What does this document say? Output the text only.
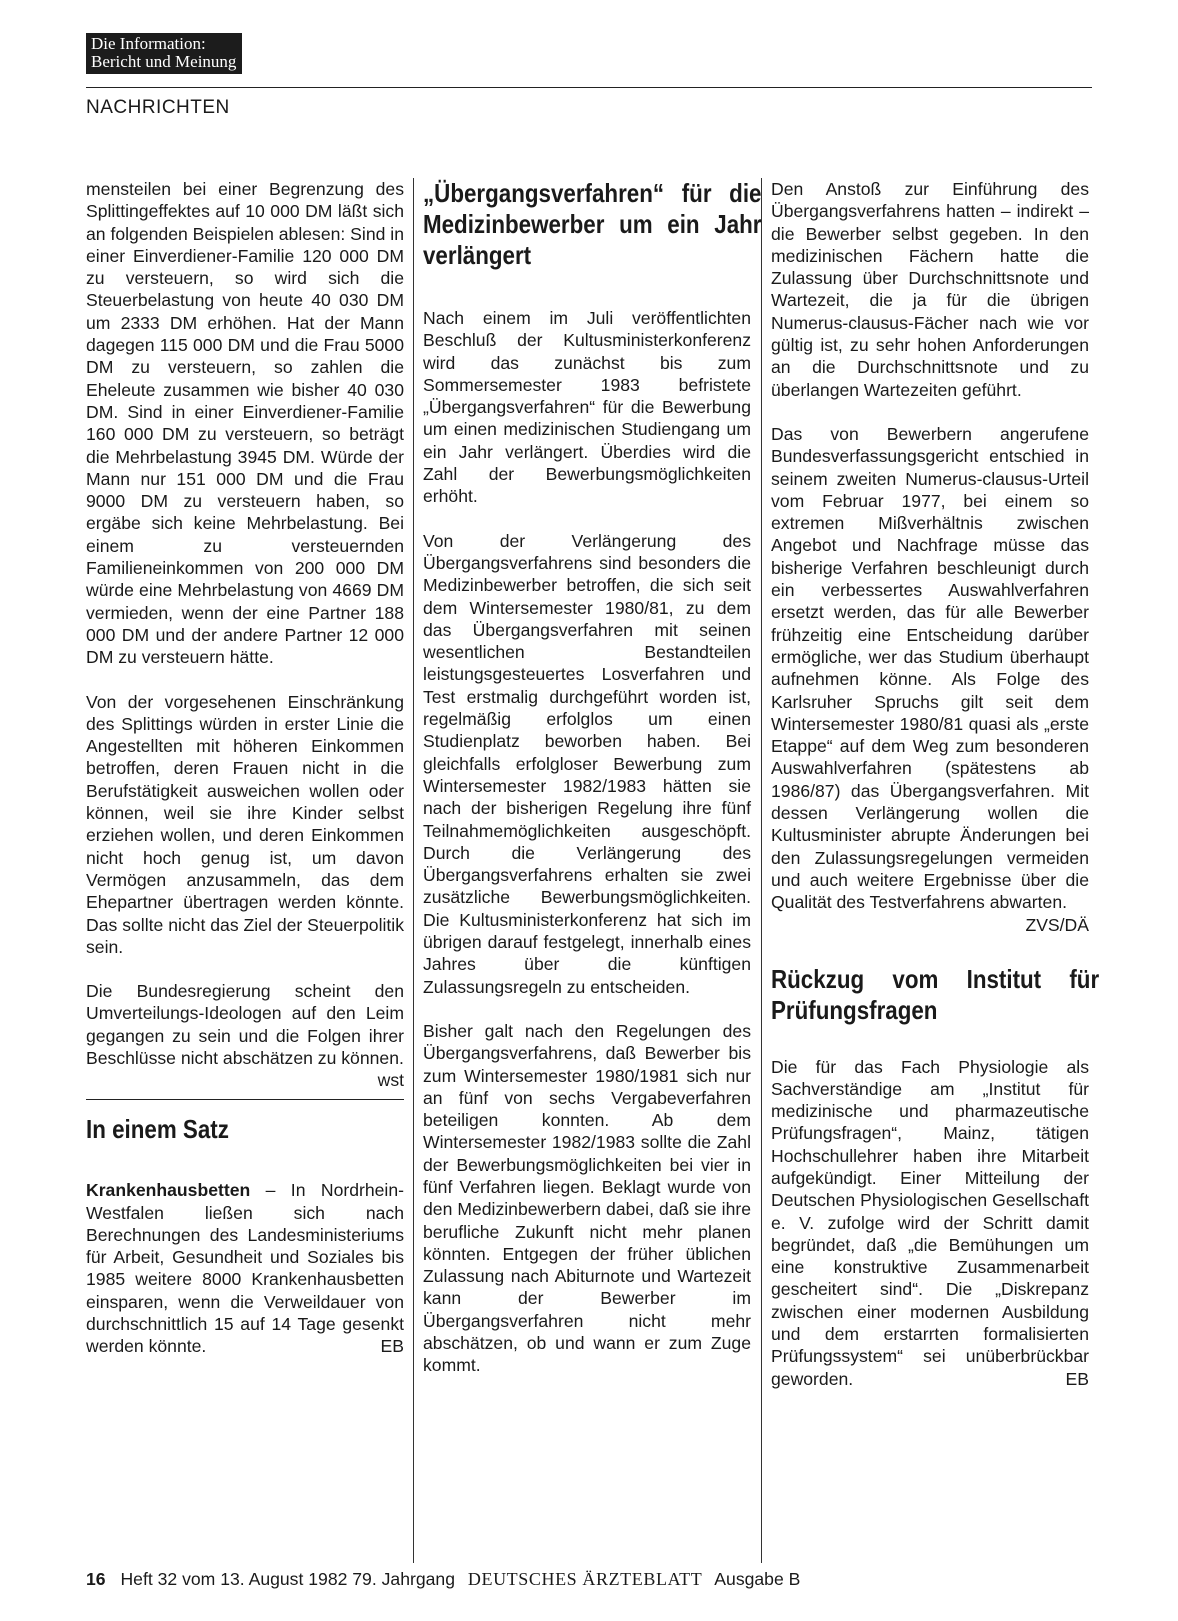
Die Information:
Bericht und Meinung
NACHRICHTEN

mensteilen bei einer Begrenzung des Splittingeffektes auf 10 000 DM läßt sich an folgenden Beispielen ablesen: Sind in einer Einverdiener-Familie 120 000 DM zu versteuern, so wird sich die Steuerbelastung von heute 40 030 DM um 2333 DM erhöhen. Hat der Mann dagegen 115 000 DM und die Frau 5000 DM zu versteuern, so zahlen die Eheleute zusammen wie bisher 40 030 DM. Sind in einer Einverdiener-Familie 160 000 DM zu versteuern, so beträgt die Mehrbelastung 3945 DM. Würde der Mann nur 151 000 DM und die Frau 9000 DM zu versteuern haben, so ergäbe sich keine Mehrbelastung. Bei einem zu versteuernden Familieneinkommen von 200 000 DM würde eine Mehrbelastung von 4669 DM vermieden, wenn der eine Partner 188 000 DM und der andere Partner 12 000 DM zu versteuern hätte.

Von der vorgesehenen Einschränkung des Splittings würden in erster Linie die Angestellten mit höheren Einkommen betroffen, deren Frauen nicht in die Berufstätigkeit ausweichen wollen oder können, weil sie ihre Kinder selbst erziehen wollen, und deren Einkommen nicht hoch genug ist, um davon Vermögen anzusammeln, das dem Ehepartner übertragen werden könnte. Das sollte nicht das Ziel der Steuerpolitik sein.

Die Bundesregierung scheint den Umverteilungs-Ideologen auf den Leim gegangen zu sein und die Folgen ihrer Beschlüsse nicht abschätzen zu können.
wst

In einem Satz

Krankenhausbetten – In Nordrhein-Westfalen ließen sich nach Berechnungen des Landesministeriums für Arbeit, Gesundheit und Soziales bis 1985 weitere 8000 Krankenhausbetten einsparen, wenn die Verweildauer von durchschnittlich 15 auf 14 Tage gesenkt werden könnte.	EB

„Übergangsverfahren“ für die Medizinbewerber um ein Jahr verlängert

Nach einem im Juli veröffentlichten Beschluß der Kultusministerkonferenz wird das zunächst bis zum Sommersemester 1983 befristete „Übergangsverfahren“ für die Bewerbung um einen medizinischen Studiengang um ein Jahr verlängert. Überdies wird die Zahl der Bewerbungsmöglichkeiten erhöht.

Von der Verlängerung des Übergangsverfahrens sind besonders die Medizinbewerber betroffen, die sich seit dem Wintersemester 1980/81, zu dem das Übergangsverfahren mit seinen wesentlichen Bestandteilen leistungsgesteuertes Losverfahren und Test erstmalig durchgeführt worden ist, regelmäßig erfolglos um einen Studienplatz beworben haben. Bei gleichfalls erfolgloser Bewerbung zum Wintersemester 1982/1983 hätten sie nach der bisherigen Regelung ihre fünf Teilnahmemöglichkeiten ausgeschöpft. Durch die Verlängerung des Übergangsverfahrens erhalten sie zwei zusätzliche Bewerbungsmöglichkeiten. Die Kultusministerkonferenz hat sich im übrigen darauf festgelegt, innerhalb eines Jahres über die künftigen Zulassungsregeln zu entscheiden.

Bisher galt nach den Regelungen des Übergangsverfahrens, daß Bewerber bis zum Wintersemester 1980/1981 sich nur an fünf von sechs Vergabeverfahren beteiligen konnten. Ab dem Wintersemester 1982/1983 sollte die Zahl der Bewerbungsmöglichkeiten bei vier in fünf Verfahren liegen. Beklagt wurde von den Medizinbewerbern dabei, daß sie ihre berufliche Zukunft nicht mehr planen könnten. Entgegen der früher üblichen Zulassung nach Abiturnote und Wartezeit kann der Bewerber im Übergangsverfahren nicht mehr abschätzen, ob und wann er zum Zuge kommt.

Den Anstoß zur Einführung des Übergangsverfahrens hatten – indirekt – die Bewerber selbst gegeben. In den medizinischen Fächern hatte die Zulassung über Durchschnittsnote und Wartezeit, die ja für die übrigen Numerus-clausus-Fächer nach wie vor gültig ist, zu sehr hohen Anforderungen an die Durchschnittsnote und zu überlangen Wartezeiten geführt.

Das von Bewerbern angerufene Bundesverfassungsgericht entschied in seinem zweiten Numerus-clausus-Urteil vom Februar 1977, bei einem so extremen Mißverhältnis zwischen Angebot und Nachfrage müsse das bisherige Verfahren beschleunigt durch ein verbessertes Auswahlverfahren ersetzt werden, das für alle Bewerber frühzeitig eine Entscheidung darüber ermögliche, wer das Studium überhaupt aufnehmen könne. Als Folge des Karlsruher Spruchs gilt seit dem Wintersemester 1980/81 quasi als „erste Etappe“ auf dem Weg zum besonderen Auswahlverfahren (spätestens ab 1986/87) das Übergangsverfahren. Mit dessen Verlängerung wollen die Kultusminister abrupte Änderungen bei den Zulassungsregelungen vermeiden und auch weitere Ergebnisse über die Qualität des Testverfahrens abwarten.
ZVS/DÄ

Rückzug vom Institut für Prüfungsfragen

Die für das Fach Physiologie als Sachverständige am „Institut für medizinische und pharmazeutische Prüfungsfragen“, Mainz, tätigen Hochschullehrer haben ihre Mitarbeit aufgekündigt. Einer Mitteilung der Deutschen Physiologischen Gesellschaft e. V. zufolge wird der Schritt damit begründet, daß „die Bemühungen um eine konstruktive Zusammenarbeit gescheitert sind“. Die „Diskrepanz zwischen einer modernen Ausbildung und dem erstarrten formalisierten Prüfungssystem“ sei unüberbrückbar geworden.	EB

16 Heft 32 vom 13. August 1982 79. Jahrgang DEUTSCHES ÄRZTEBLATT Ausgabe B
